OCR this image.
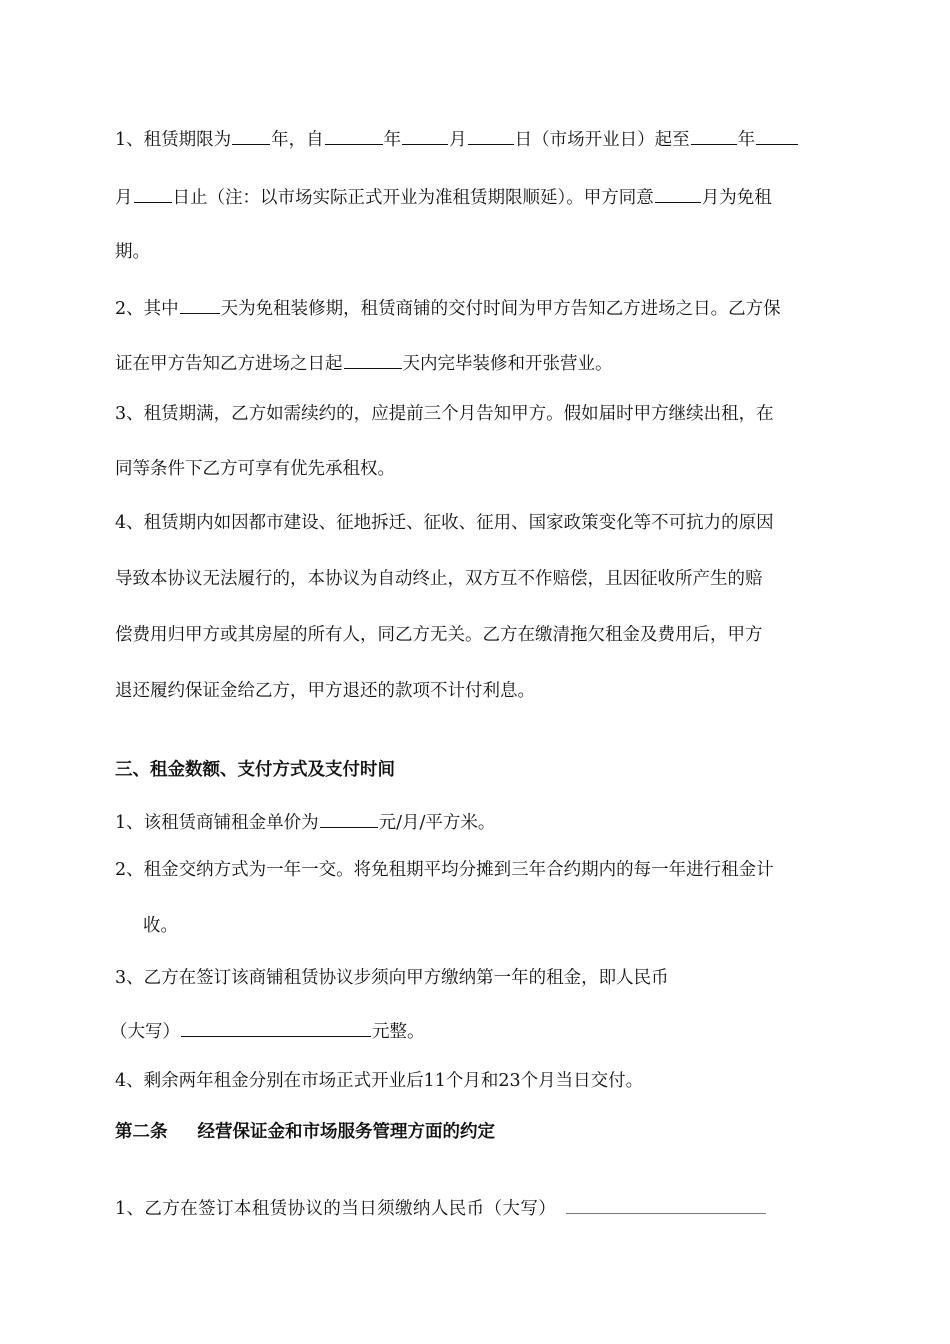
1、租赁期限为 年，自	年	月	日（市场开业日）起至	年
月 日止（注：以市场实际正式开业为准租赁期限顺延）。甲方同意	月为免租
期。
2、其中 天为免租装修期，租赁商铺的交付时间为甲方告知乙方进场之日。乙方保
证在甲方告知乙方进场之日起	天内完毕装修和开张营业。
3、租赁期满，乙方如需续约的，应提前三个月告知甲方。假如届时甲方继续出租，在
同等条件下乙方可享有优先承租权。
4、租赁期内如因都市建设、征地拆迁、征收、征用、国家政策变化等不可抗力的原因
导致本协议无法履行的，本协议为自动终止，双方互不作赔偿，且因征收所产生的赔
偿费用归甲方或其房屋的所有人，同乙方无关。乙方在缴清拖欠租金及费用后，甲方
退还履约保证金给乙方，甲方退还的款项不计付利息。
三、租金数额、支付方式及支付时间
1、该租赁商铺租金单价为	元/月/平方米。
2、租金交纳方式为一年一交。将免租期平均分摊到三年合约期内的每一年进行租金计
收。
3、乙方在签订该商铺租赁协议步须向甲方缴纳第一年的租金，即人民币
（大写）	元整。
4、剩余两年租金分别在市场正式开业后11个月和23个月当日交付。
第二条 经营保证金和市场服务管理方面的约定
1、乙方在签订本租赁协议的当日须缴纳人民币（大写）
